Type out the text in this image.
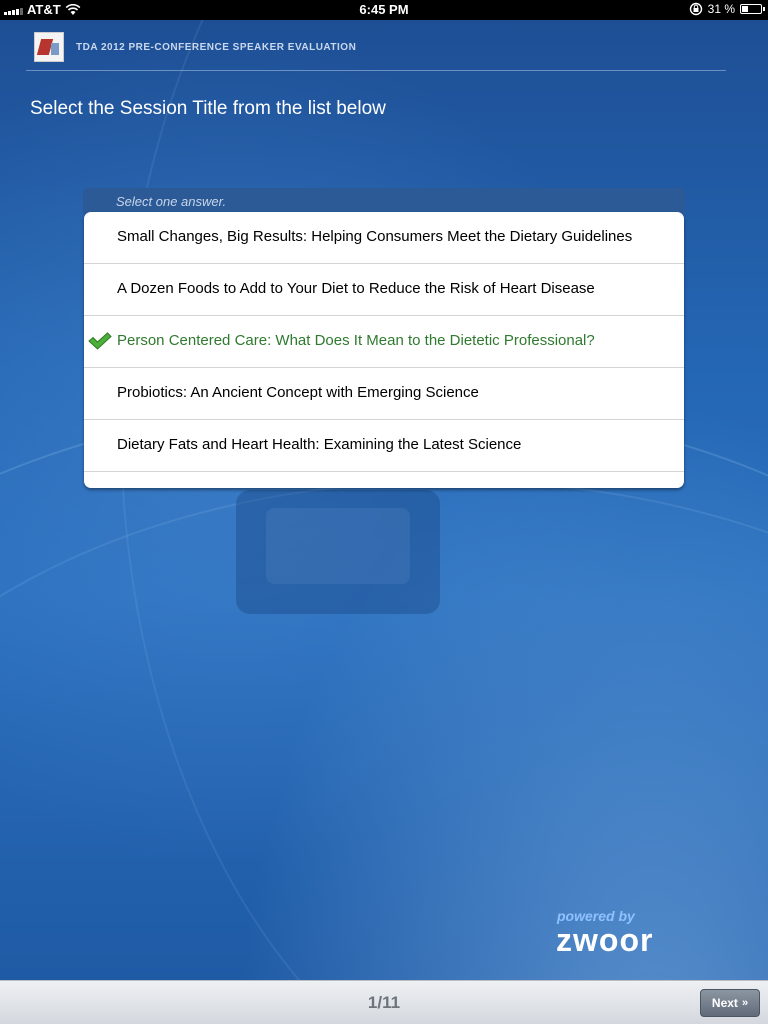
AT&T	6:45 PM	31 %
TDA 2012 PRE-CONFERENCE SPEAKER EVALUATION
Select the Session Title from the list below
Select one answer.
Small Changes, Big Results: Helping Consumers Meet the Dietary Guidelines
A Dozen Foods to Add to Your Diet to Reduce the Risk of Heart Disease
Person Centered Care: What Does It Mean to the Dietetic Professional?
Probiotics: An Ancient Concept with Emerging Science
Dietary Fats and Heart Health: Examining the Latest Science
powered by
zwoor
1/11	Next »
